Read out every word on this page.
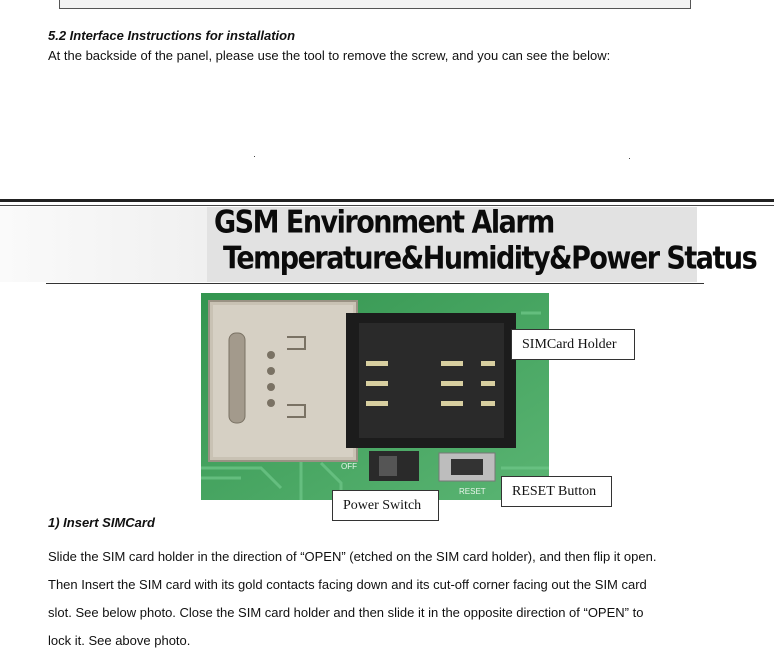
5.2 Interface Instructions for installation
At the backside of the panel, please use the tool to remove the screw, and you can see the below:
GSM Environment Alarm
Temperature&Humidity&Power Status
OFF
RESET
SIMCard Holder
RESET Button
Power Switch
1) Insert SIMCard
Slide the SIM card holder in the direction of “OPEN” (etched on the SIM card holder), and then flip it open.
Then Insert the SIM card with its gold contacts facing down and its cut-off corner facing out the SIM card
slot. See below photo. Close the SIM card holder and then slide it in the opposite direction of “OPEN” to
lock it. See above photo.
